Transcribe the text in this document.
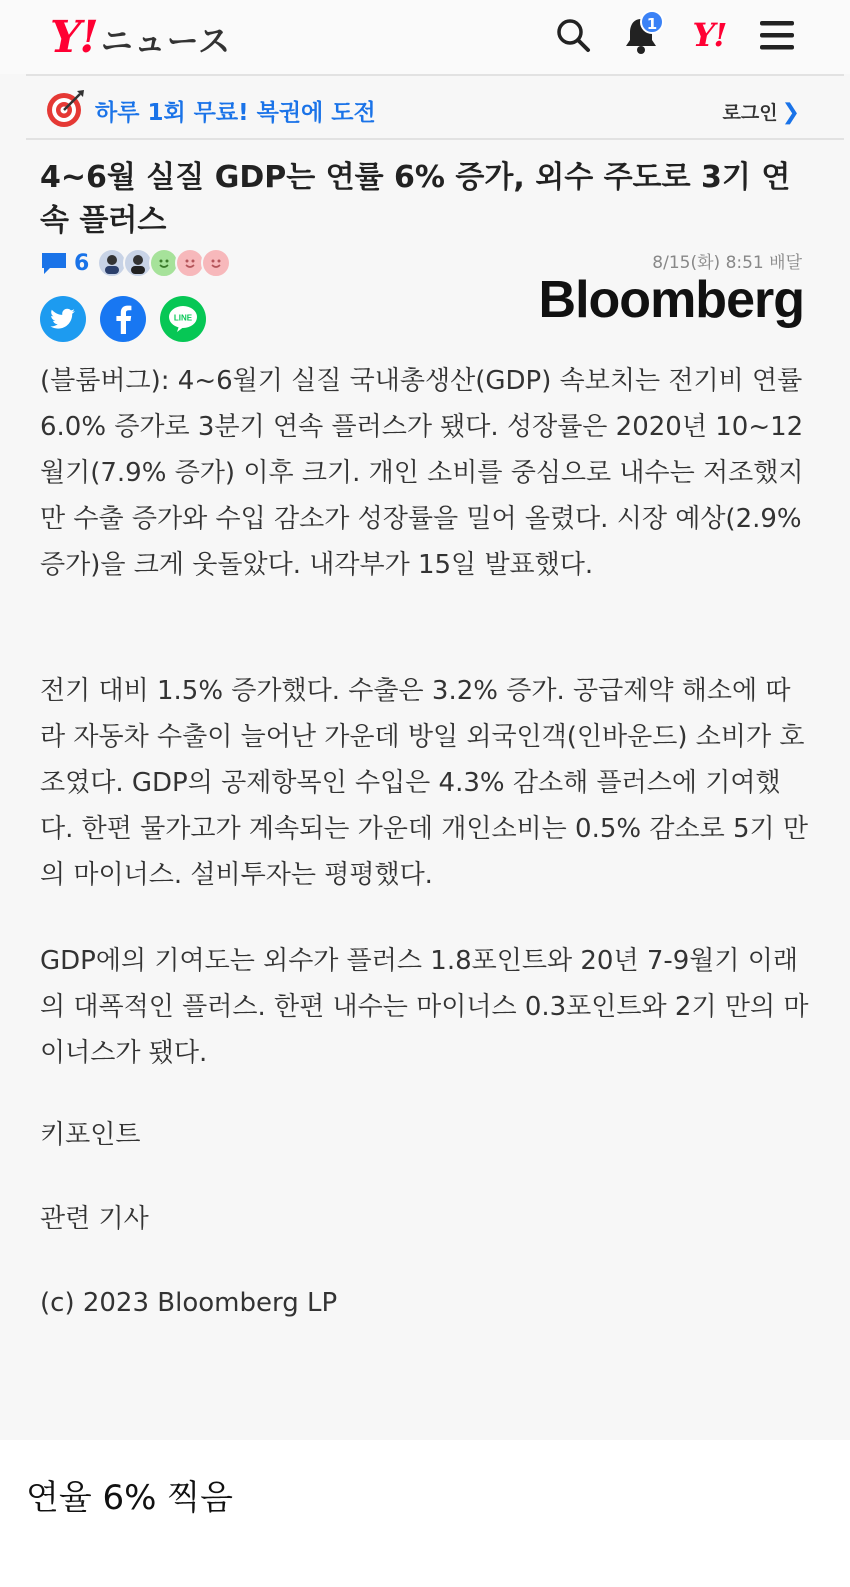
Y! ニュース	1 Y!
하루 1회 무료! 복권에 도전	로그인 ❯
4~6월 실질 GDP는 연률 6% 증가, 외수 주도로 3기 연속 플러스
6	8/15(화) 8:51 배달
Bloomberg
LINE

(블룸버그): 4~6월기 실질 국내총생산(GDP) 속보치는 전기비 연률 6.0% 증가로 3분기 연속 플러스가 됐다. 성장률은 2020년 10~12월기(7.9% 증가) 이후 크기. 개인 소비를 중심으로 내수는 저조했지만 수출 증가와 수입 감소가 성장률을 밀어 올렸다. 시장 예상(2.9% 증가)을 크게 웃돌았다. 내각부가 15일 발표했다.

전기 대비 1.5% 증가했다. 수출은 3.2% 증가. 공급제약 해소에 따라 자동차 수출이 늘어난 가운데 방일 외국인객(인바운드) 소비가 호조였다. GDP의 공제항목인 수입은 4.3% 감소해 플러스에 기여했다. 한편 물가고가 계속되는 가운데 개인소비는 0.5% 감소로 5기 만의 마이너스. 설비투자는 평평했다.

GDP에의 기여도는 외수가 플러스 1.8포인트와 20년 7-9월기 이래의 대폭적인 플러스. 한편 내수는 마이너스 0.3포인트와 2기 만의 마이너스가 됐다.

키포인트

관련 기사

(c) 2023 Bloomberg LP

연율 6% 찍음
